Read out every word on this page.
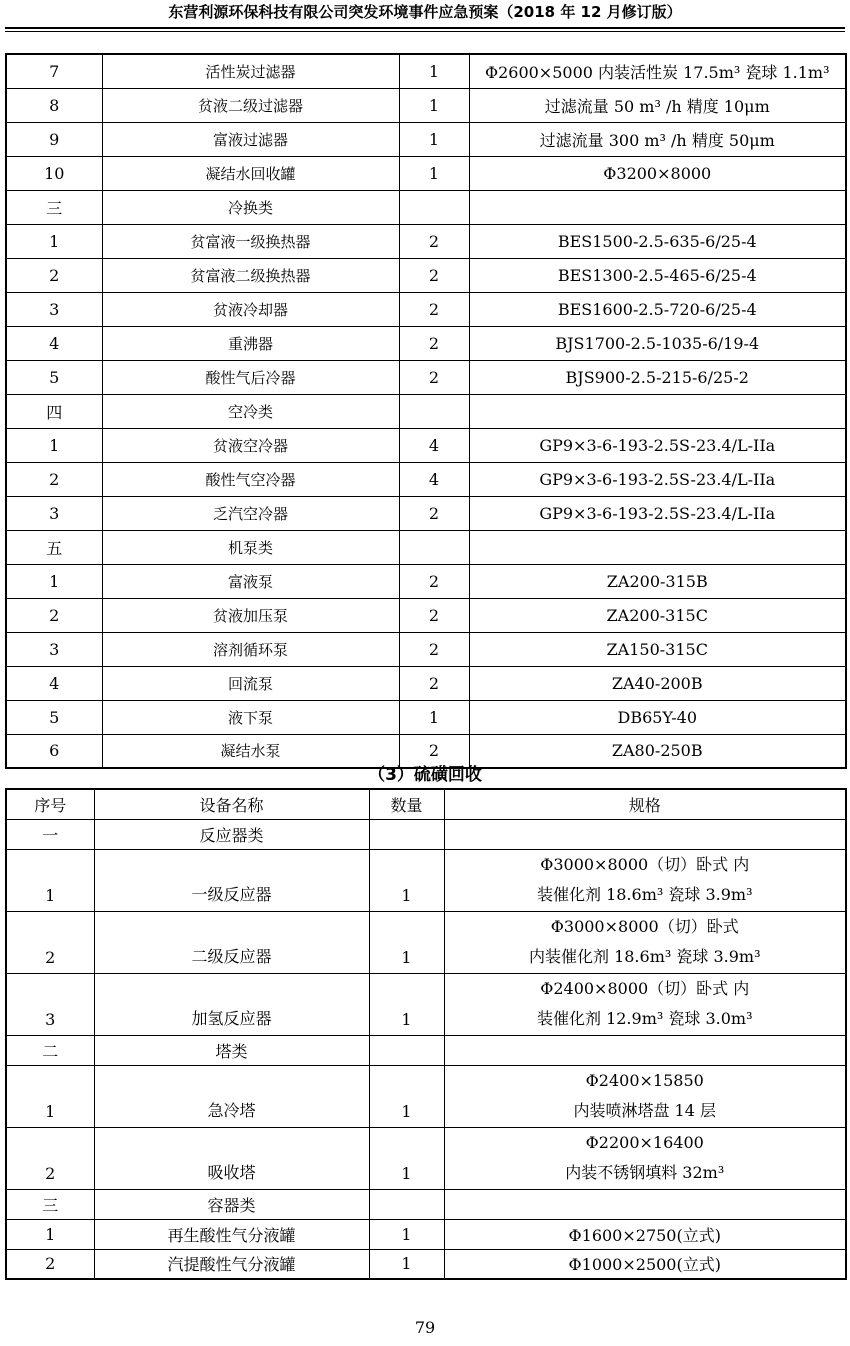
东营利源环保科技有限公司突发环境事件应急预案（2018 年 12 月修订版）
7	活性炭过滤器	1	Φ2600×5000 内装活性炭 17.5m³ 瓷球 1.1m³
8	贫液二级过滤器	1	过滤流量 50 m³ /h 精度 10μm
9	富液过滤器	1	过滤流量 300 m³ /h 精度 50μm
10	凝结水回收罐	1	Φ3200×8000
三	冷换类		
1	贫富液一级换热器	2	BES1500-2.5-635-6/25-4
2	贫富液二级换热器	2	BES1300-2.5-465-6/25-4
3	贫液冷却器	2	BES1600-2.5-720-6/25-4
4	重沸器	2	BJS1700-2.5-1035-6/19-4
5	酸性气后冷器	2	BJS900-2.5-215-6/25-2
四	空冷类		
1	贫液空冷器	4	GP9×3-6-193-2.5S-23.4/L-IIa
2	酸性气空冷器	4	GP9×3-6-193-2.5S-23.4/L-IIa
3	乏汽空冷器	2	GP9×3-6-193-2.5S-23.4/L-IIa
五	机泵类		
1	富液泵	2	ZA200-315B
2	贫液加压泵	2	ZA200-315C
3	溶剂循环泵	2	ZA150-315C
4	回流泵	2	ZA40-200B
5	液下泵	1	DB65Y-40
6	凝结水泵	2	ZA80-250B
（3）硫磺回收
序号	设备名称	数量	规格
一	反应器类		
1	一级反应器	1	Φ3000×8000（切）卧式 内
装催化剂 18.6m³ 瓷球 3.9m³

2	二级反应器	1	Φ3000×8000（切）卧式
内装催化剂 18.6m³ 瓷球 3.9m³

3	加氢反应器	1	Φ2400×8000（切）卧式 内
装催化剂 12.9m³ 瓷球 3.0m³

二	塔类		
1	急冷塔	1	Φ2400×15850
内装喷淋塔盘 14 层

2	吸收塔	1	Φ2200×16400
内装不锈钢填料 32m³

三	容器类		
1	再生酸性气分液罐	1	Φ1600×2750(立式)
2	汽提酸性气分液罐	1	Φ1000×2500(立式)
79
